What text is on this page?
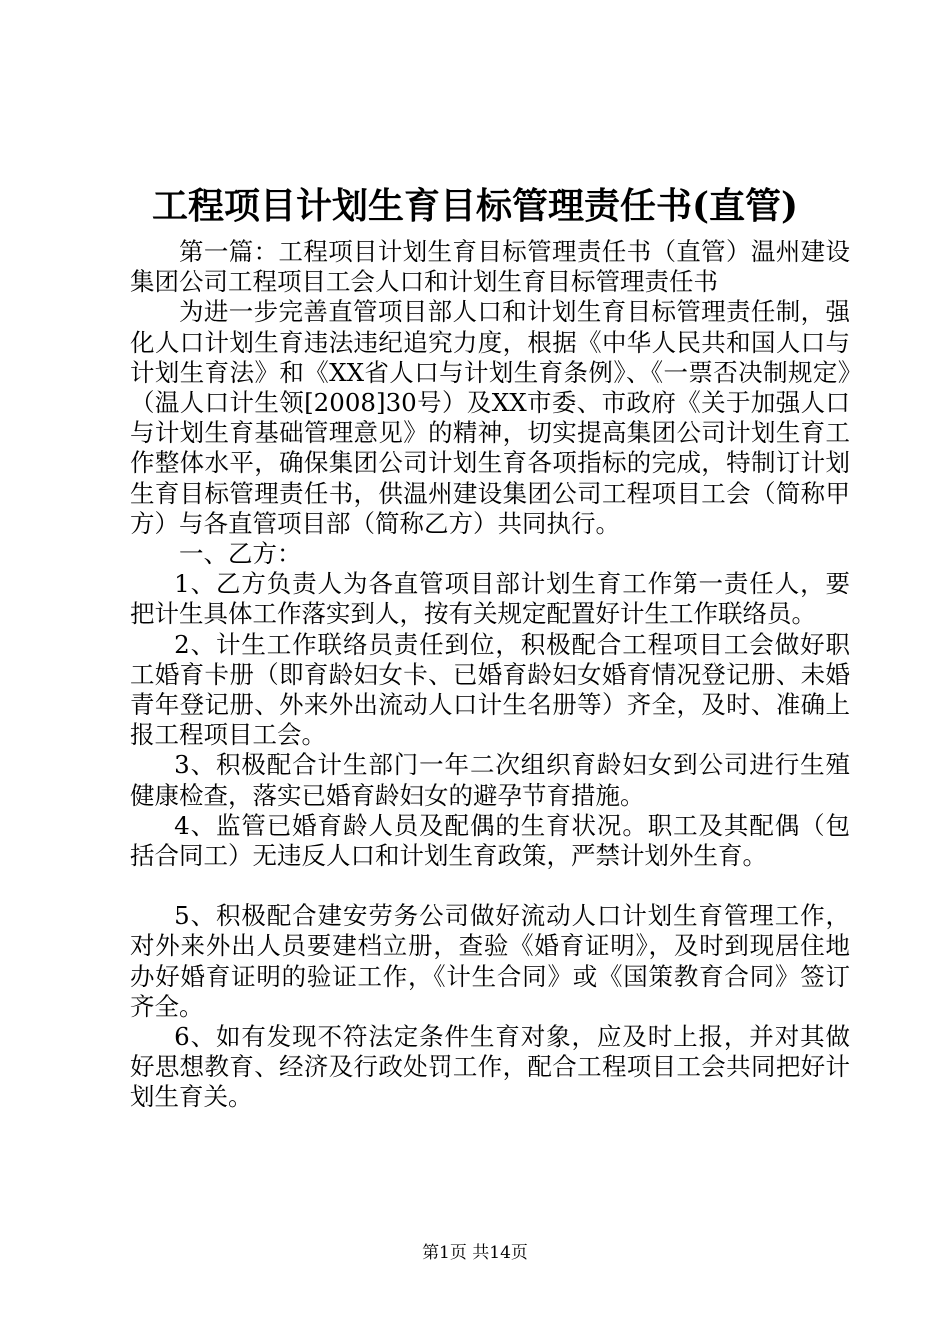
工程项目计划生育目标管理责任书(直管)

第一篇：工程项目计划生育目标管理责任书（直管）温州建设集团公司工程项目工会人口和计划生育目标管理责任书

为进一步完善直管项目部人口和计划生育目标管理责任制，强化人口计划生育违法违纪追究力度，根据《中华人民共和国人口与计划生育法》和《XX省人口与计划生育条例》、《一票否决制规定》（温人口计生领[2008]30号）及XX市委、市政府《关于加强人口与计划生育基础管理意见》的精神，切实提高集团公司计划生育工作整体水平，确保集团公司计划生育各项指标的完成，特制订计划生育目标管理责任书，供温州建设集团公司工程项目工会（简称甲方）与各直管项目部（简称乙方）共同执行。

一、乙方：

1、乙方负责人为各直管项目部计划生育工作第一责任人，要把计生具体工作落实到人，按有关规定配置好计生工作联络员。

2、计生工作联络员责任到位，积极配合工程项目工会做好职工婚育卡册（即育龄妇女卡、已婚育龄妇女婚育情况登记册、未婚青年登记册、外来外出流动人口计生名册等）齐全，及时、准确上报工程项目工会。

3、积极配合计生部门一年二次组织育龄妇女到公司进行生殖健康检查，落实已婚育龄妇女的避孕节育措施。

4、监管已婚育龄人员及配偶的生育状况。职工及其配偶（包括合同工）无违反人口和计划生育政策，严禁计划外生育。

5、积极配合建安劳务公司做好流动人口计划生育管理工作，对外来外出人员要建档立册，查验《婚育证明》，及时到现居住地办好婚育证明的验证工作，《计生合同》或《国策教育合同》签订齐全。

6、如有发现不符法定条件生育对象，应及时上报，并对其做好思想教育、经济及行政处罚工作，配合工程项目工会共同把好计划生育关。

第1页 共14页
